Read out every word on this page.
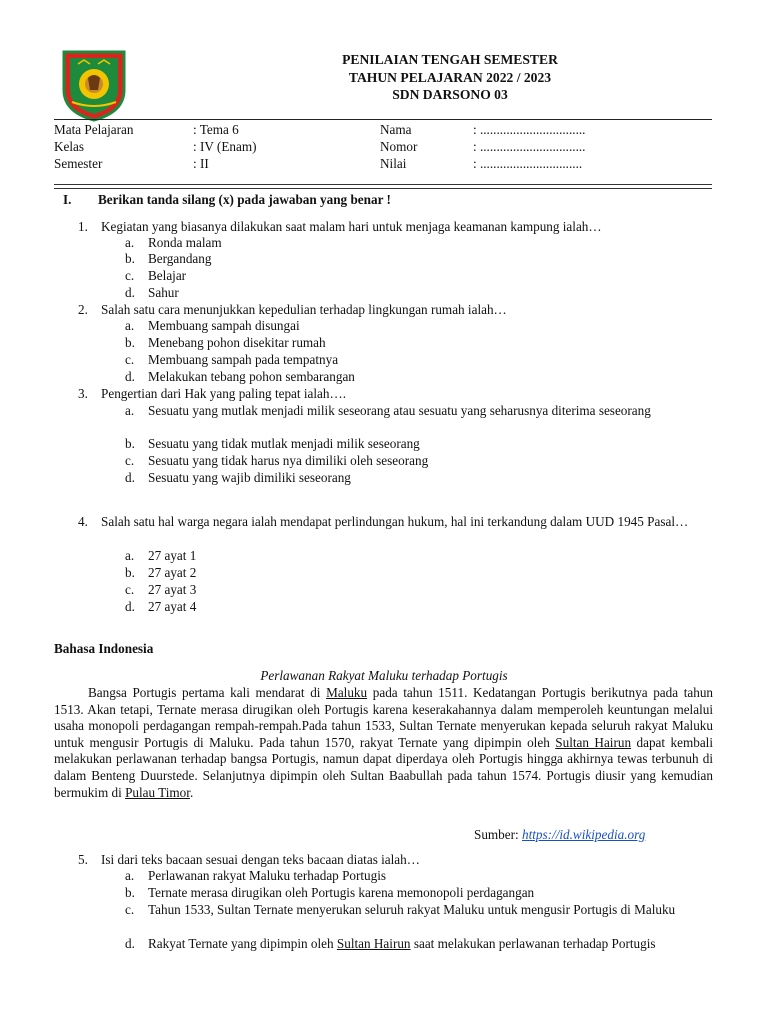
PENILAIAN TENGAH SEMESTER
TAHUN PELAJARAN 2022 / 2023
SDN DARSONO 03
Mata Pelajaran	: Tema 6
Kelas	: IV (Enam)
Semester	: II
Nama	: ................................
Nomor	: ................................
Nilai	: ...............................
I. Berikan tanda silang (x) pada jawaban yang benar !
1. Kegiatan yang biasanya dilakukan saat malam hari untuk menjaga keamanan kampung ialah…
a. Ronda malam
b. Bergandang
c. Belajar
d. Sahur
2. Salah satu cara menunjukkan kepedulian terhadap lingkungan rumah ialah…
a. Membuang sampah disungai
b. Menebang pohon disekitar rumah
c. Membuang sampah pada tempatnya
d. Melakukan tebang pohon sembarangan
3. Pengertian dari Hak yang paling tepat ialah….
a. Sesuatu yang mutlak menjadi milik seseorang atau sesuatu yang seharusnya diterima seseorang
b. Sesuatu yang tidak mutlak menjadi milik seseorang
c. Sesuatu yang tidak harus nya dimiliki oleh seseorang
d. Sesuatu yang wajib dimiliki seseorang
4. Salah satu hal warga negara ialah mendapat perlindungan hukum, hal ini terkandung dalam UUD 1945 Pasal…
a. 27 ayat 1
b. 27 ayat 2
c. 27 ayat 3
d. 27 ayat 4
Bahasa Indonesia
Perlawanan Rakyat Maluku terhadap Portugis
Bangsa Portugis pertama kali mendarat di Maluku pada tahun 1511. Kedatangan Portugis berikutnya pada tahun 1513. Akan tetapi, Ternate merasa dirugikan oleh Portugis karena keserakahannya dalam memperoleh keuntungan melalui usaha monopoli perdagangan rempah-rempah.Pada tahun 1533, Sultan Ternate menyerukan kepada seluruh rakyat Maluku untuk mengusir Portugis di Maluku. Pada tahun 1570, rakyat Ternate yang dipimpin oleh Sultan Hairun dapat kembali melakukan perlawanan terhadap bangsa Portugis, namun dapat diperdaya oleh Portugis hingga akhirnya tewas terbunuh di dalam Benteng Duurstede. Selanjutnya dipimpin oleh Sultan Baabullah pada tahun 1574. Portugis diusir yang kemudian bermukim di Pulau Timor.
Sumber: https://id.wikipedia.org
5. Isi dari teks bacaan sesuai dengan teks bacaan diatas ialah…
a. Perlawanan rakyat Maluku terhadap Portugis
b. Ternate merasa dirugikan oleh Portugis karena memonopoli perdagangan
c. Tahun 1533, Sultan Ternate menyerukan seluruh rakyat Maluku untuk mengusir Portugis di Maluku
d. Rakyat Ternate yang dipimpin oleh Sultan Hairun saat melakukan perlawanan terhadap Portugis
